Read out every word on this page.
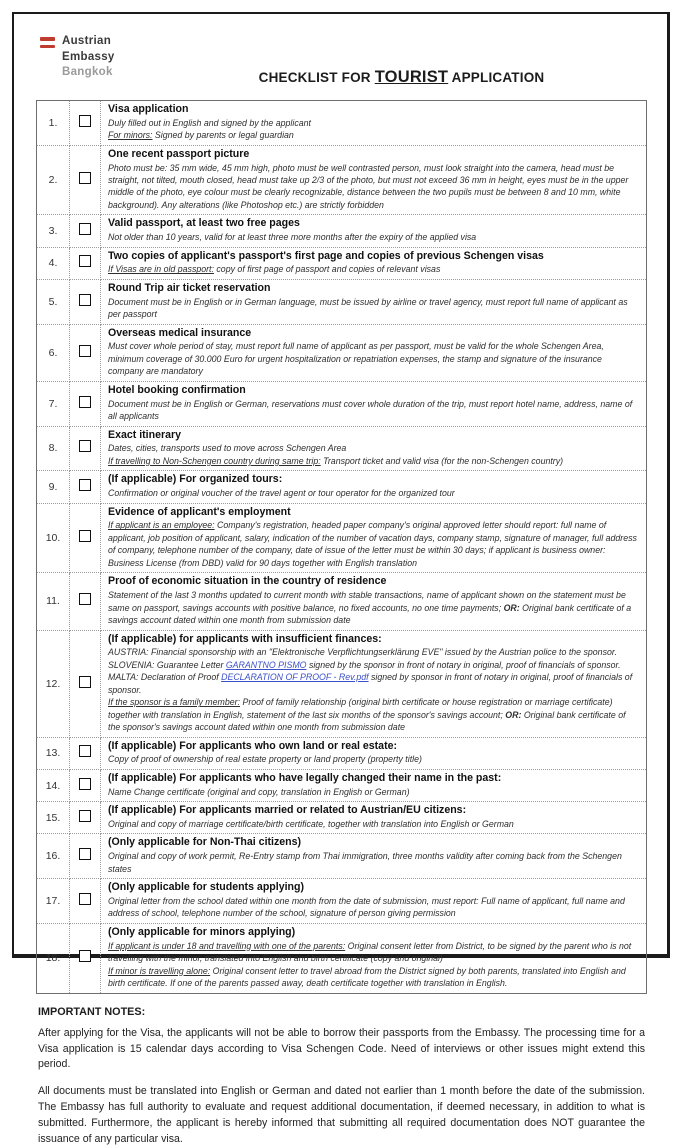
Austrian
Embassy
Bangkok	CHECKLIST FOR TOURIST APPLICATION
1.		Visa application
Duly filled out in English and signed by the applicant
For minors: Signed by parents or legal guardian

2.		One recent passport picture
Photo must be: 35 mm wide, 45 mm high, photo must be well contrasted person, must look straight into the camera, head must be straight, not tilted, mouth closed, head must take up 2/3 of the photo, but must not exceed 36 mm in height, eyes must be in the upper middle of the photo, eye colour must be clearly recognizable, distance between the two pupils must be between 8 and 10 mm, white background). Any alterations (like Photoshop etc.) are strictly forbidden

3.		Valid passport, at least two free pages
Not older than 10 years, valid for at least three more months after the expiry of the applied visa

4.		Two copies of applicant's passport's first page and copies of previous Schengen visas
If Visas are in old passport: copy of first page of passport and copies of relevant visas

5.		Round Trip air ticket reservation
Document must be in English or in German language, must be issued by airline or travel agency, must report full name of applicant as per passport

6.		Overseas medical insurance
Must cover whole period of stay, must report full name of applicant as per passport, must be valid for the whole Schengen Area, minimum coverage of 30.000 Euro for urgent hospitalization or repatriation expenses, the stamp and signature of the insurance company are mandatory

7.		Hotel booking confirmation
Document must be in English or German, reservations must cover whole duration of the trip, must report hotel name, address, name of all applicants

8.		Exact itinerary
Dates, cities, transports used to move across Schengen Area
If travelling to Non-Schengen country during same trip: Transport ticket and valid visa (for the non-Schengen country)

9.		(If applicable) For organized tours:
Confirmation or original voucher of the travel agent or tour operator for the organized tour

10.		Evidence of applicant's employment
If applicant is an employee: Company's registration, headed paper company's original approved letter should report: full name of applicant, job position of applicant, salary, indication of the number of vacation days, company stamp, signature of manager, full address of company, telephone number of the company, date of issue of the letter must be within 30 days; if applicant is business owner: Business License (from DBD) valid for 90 days together with English translation

11.		Proof of economic situation in the country of residence
Statement of the last 3 months updated to current month with stable transactions, name of applicant shown on the statement must be same on passport, savings accounts with positive balance, no fixed accounts, no one time payments; OR: Original bank certificate of a savings account dated within one month from submission date

12.		(If applicable) for applicants with insufficient finances:
AUSTRIA: Financial sponsorship with an "Elektronische Verpflichtungserklärung EVE" issued by the Austrian police to the sponsor.
SLOVENIA: Guarantee Letter GARANTNO PISMO signed by the sponsor in front of notary in original, proof of financials of sponsor.
MALTA: Declaration of Proof DECLARATION OF PROOF - Rev.pdf signed by sponsor in front of notary in original, proof of financials of sponsor.
If the sponsor is a family member: Proof of family relationship (original birth certificate or house registration or marriage certificate) together with translation in English, statement of the last six months of the sponsor's savings account; OR: Original bank certificate of the sponsor's savings account dated within one month from submission date

13.		(If applicable) For applicants who own land or real estate:
Copy of proof of ownership of real estate property or land property (property title)

14.		(If applicable) For applicants who have legally changed their name in the past:
Name Change certificate (original and copy, translation in English or German)

15.		(If applicable) For applicants married or related to Austrian/EU citizens:
Original and copy of marriage certificate/birth certificate, together with translation into English or German

16.		(Only applicable for Non-Thai citizens)
Original and copy of work permit, Re-Entry stamp from Thai immigration, three months validity after coming back from the Schengen states

17.		(Only applicable for students applying)
Original letter from the school dated within one month from the date of submission, must report: Full name of applicant, full name and address of school, telephone number of the school, signature of person giving permission

18.		(Only applicable for minors applying)
If applicant is under 18 and travelling with one of the parents: Original consent letter from District, to be signed by the parent who is not travelling with the minor, translated into English and birth certificate (copy and original)
If minor is travelling alone: Original consent letter to travel abroad from the District signed by both parents, translated into English and birth certificate. If one of the parents passed away, death certificate together with translation in English.
IMPORTANT NOTES:

After applying for the Visa, the applicants will not be able to borrow their passports from the Embassy. The processing time for a Visa application is 15 calendar days according to Visa Schengen Code. Need of interviews or other issues might extend this period.

All documents must be translated into English or German and dated not earlier than 1 month before the date of the submission. The Embassy has full authority to evaluate and request additional documentation, if deemed necessary, in addition to what is submitted. Furthermore, the applicant is hereby informed that submitting all required documentation does NOT guarantee the issuance of any particular visa.
